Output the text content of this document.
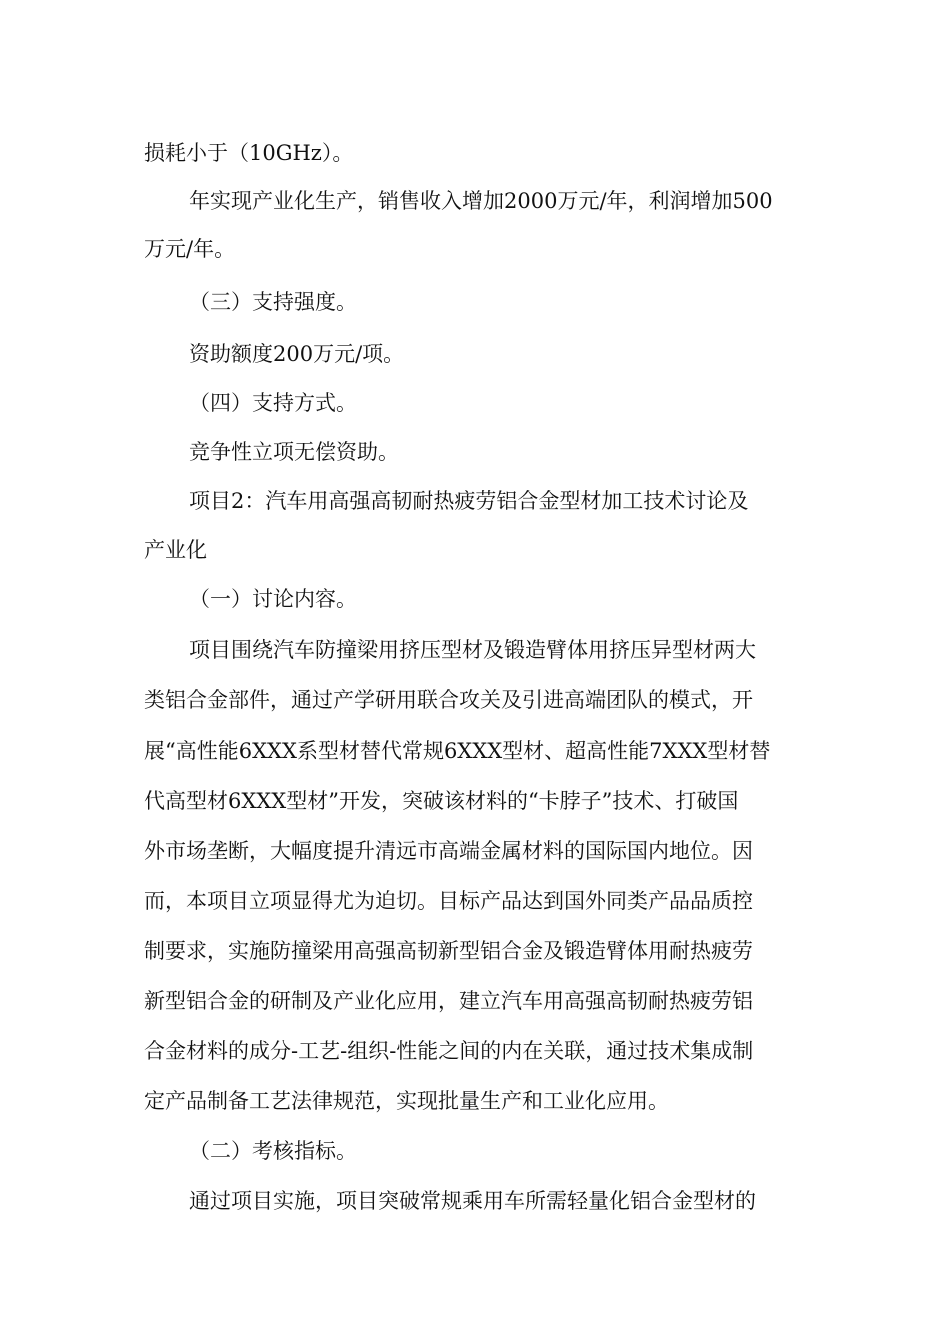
损耗小于（10GHz）。
年实现产业化生产，销售收入增加2000万元/年，利润增加500
万元/年。
（三）支持强度。
资助额度200万元/项。
（四）支持方式。
竞争性立项无偿资助。
项目2：汽车用高强高韧耐热疲劳铝合金型材加工技术讨论及
产业化
（一）讨论内容。
项目围绕汽车防撞梁用挤压型材及锻造臂体用挤压异型材两大
类铝合金部件，通过产学研用联合攻关及引进高端团队的模式，开
展“高性能6XXX系型材替代常规6XXX型材、超高性能7XXX型材替
代高型材6XXX型材”开发，突破该材料的“卡脖子”技术、打破国
外市场垄断，大幅度提升清远市高端金属材料的国际国内地位。因
而，本项目立项显得尤为迫切。目标产品达到国外同类产品品质控
制要求，实施防撞梁用高强高韧新型铝合金及锻造臂体用耐热疲劳
新型铝合金的研制及产业化应用，建立汽车用高强高韧耐热疲劳铝
合金材料的成分-工艺-组织-性能之间的内在关联，通过技术集成制
定产品制备工艺法律规范，实现批量生产和工业化应用。
（二）考核指标。
通过项目实施，项目突破常规乘用车所需轻量化铝合金型材的
